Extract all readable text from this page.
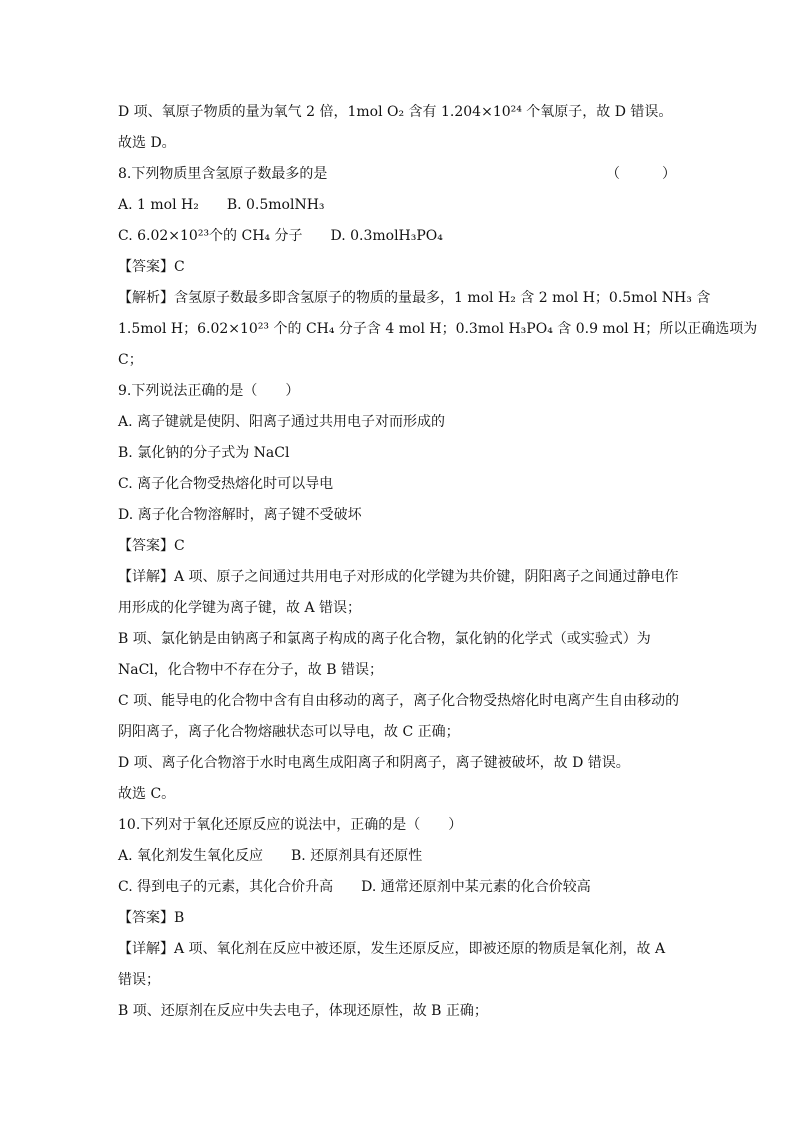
D 项、氧原子物质的量为氧气 2 倍，1mol O₂ 含有 1.204×10²⁴ 个氧原子，故 D 错误。
故选 D。
8.下列物质里含氢原子数最多的是	（　　　）
A. 1 mol H₂　　B. 0.5molNH₃
C. 6.02×10²³个的 CH₄ 分子　　D. 0.3molH₃PO₄
【答案】C
【解析】含氢原子数最多即含氢原子的物质的量最多，1 mol H₂ 含 2 mol H；0.5mol NH₃ 含
1.5mol H；6.02×10²³ 个的 CH₄ 分子含 4 mol H；0.3mol H₃PO₄ 含 0.9 mol H；所以正确选项为
C；
9.下列说法正确的是（　　）
A. 离子键就是使阴、阳离子通过共用电子对而形成的
B. 氯化钠的分子式为 NaCl
C. 离子化合物受热熔化时可以导电
D. 离子化合物溶解时，离子键不受破坏
【答案】C
【详解】A 项、原子之间通过共用电子对形成的化学键为共价键，阴阳离子之间通过静电作
用形成的化学键为离子键，故 A 错误；
B 项、氯化钠是由钠离子和氯离子构成的离子化合物，氯化钠的化学式（或实验式）为
NaCl，化合物中不存在分子，故 B 错误；
C 项、能导电的化合物中含有自由移动的离子，离子化合物受热熔化时电离产生自由移动的
阴阳离子，离子化合物熔融状态可以导电，故 C 正确；
D 项、离子化合物溶于水时电离生成阳离子和阴离子，离子键被破坏，故 D 错误。
故选 C。
10.下列对于氧化还原反应的说法中，正确的是（　　）
A. 氧化剂发生氧化反应　　B. 还原剂具有还原性
C. 得到电子的元素，其化合价升高　　D. 通常还原剂中某元素的化合价较高
【答案】B
【详解】A 项、氧化剂在反应中被还原，发生还原反应，即被还原的物质是氧化剂，故 A
错误；
B 项、还原剂在反应中失去电子，体现还原性，故 B 正确；
